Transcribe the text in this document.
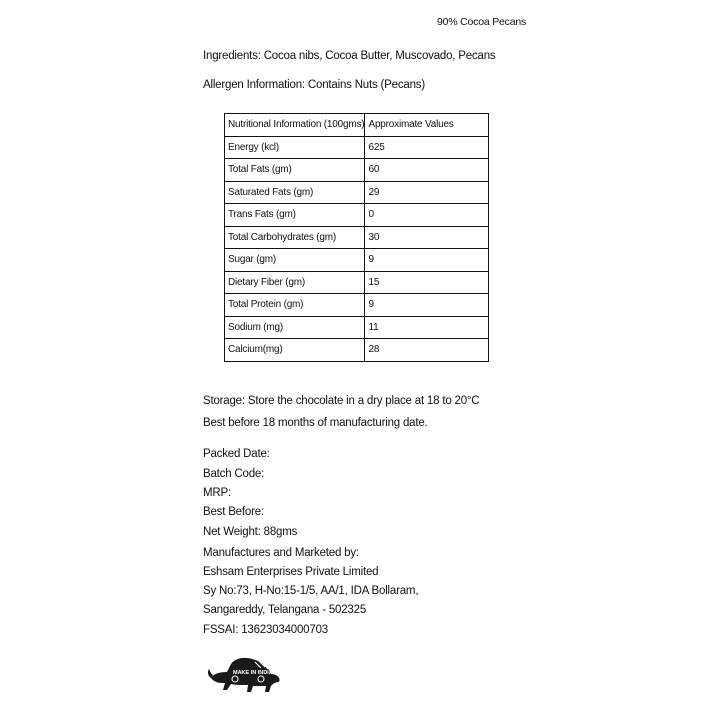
90% Cocoa Pecans
Ingredients: Cocoa nibs, Cocoa Butter, Muscovado, Pecans
Allergen Information: Contains Nuts (Pecans)
Nutritional Information (100gms)	Approximate Values
Energy (kcl)	625
Total Fats (gm)	60
Saturated Fats (gm)	29
Trans Fats (gm)	0
Total Carbohydrates (gm)	30
Sugar (gm)	9
Dietary Fiber (gm)	15
Total Protein (gm)	9
Sodium (mg)	11
Calcium(mg)	28
Storage: Store the chocolate in a dry place at 18 to 20°C
Best before 18 months of manufacturing date.
Packed Date:
Batch Code:
MRP:
Best Before:
Net Weight: 88gms
Manufactures and Marketed by:
Eshsam Enterprises Private Limited
Sy No:73, H-No:15-1/5, AA/1, IDA Bollaram,
Sangareddy, Telangana - 502325
FSSAI: 13623034000703
MAKE IN INDIA
